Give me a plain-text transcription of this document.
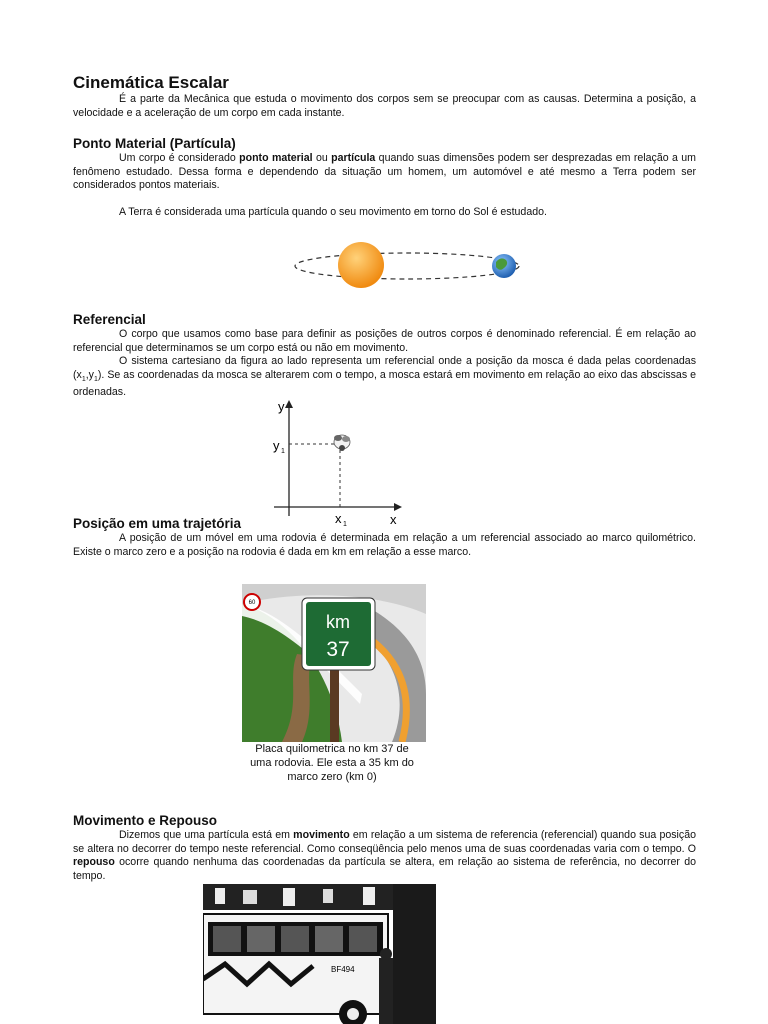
Cinemática Escalar

É a parte da Mecânica que estuda o movimento dos corpos sem se preocupar com as causas. Determina a posição, a velocidade e a aceleração de um corpo em cada instante.

Ponto Material (Partícula)

Um corpo é considerado ponto material ou partícula quando suas dimensões podem ser desprezadas em relação a um fenômeno estudado. Dessa forma e dependendo da situação um homem, um automóvel e até mesmo a Terra podem ser considerados pontos materiais.

A Terra é considerada uma partícula quando o seu movimento em torno do Sol é estudado.

Referencial

O corpo que usamos como base para definir as posições de outros corpos é denominado referencial. É em relação ao referencial que determinamos se um corpo está ou não em movimento.

O sistema cartesiano da figura ao lado representa um referencial onde a posição da mosca é dada pelas coordenadas $(x_1,y_1)$. Se as coordenadas da mosca se alterarem com o tempo, a mosca estará em movimento em relação ao eixo das abscissas e ordenadas.

y
y 1
x
x 1
Posição em uma trajetória

A posição de um móvel em uma rodovia é determinada em relação a um referencial associado ao marco quilométrico. Existe o marco zero e a posição na rodovia é dada em km em relação a esse marco.

km
37
60
Placa quilometrica no km 37 de
uma rodovia. Ele esta a 35 km do
marco zero (km 0)
Movimento e Repouso

Dizemos que uma partícula está em movimento em relação a um sistema de referencia (referencial) quando sua posição se altera no decorrer do tempo neste referencial. Como conseqüência pelo menos uma de suas coordenadas varia com o tempo. O repouso ocorre quando nenhuma das coordenadas da partícula se altera, em relação ao sistema de referência, no decorrer do tempo.

BF494
